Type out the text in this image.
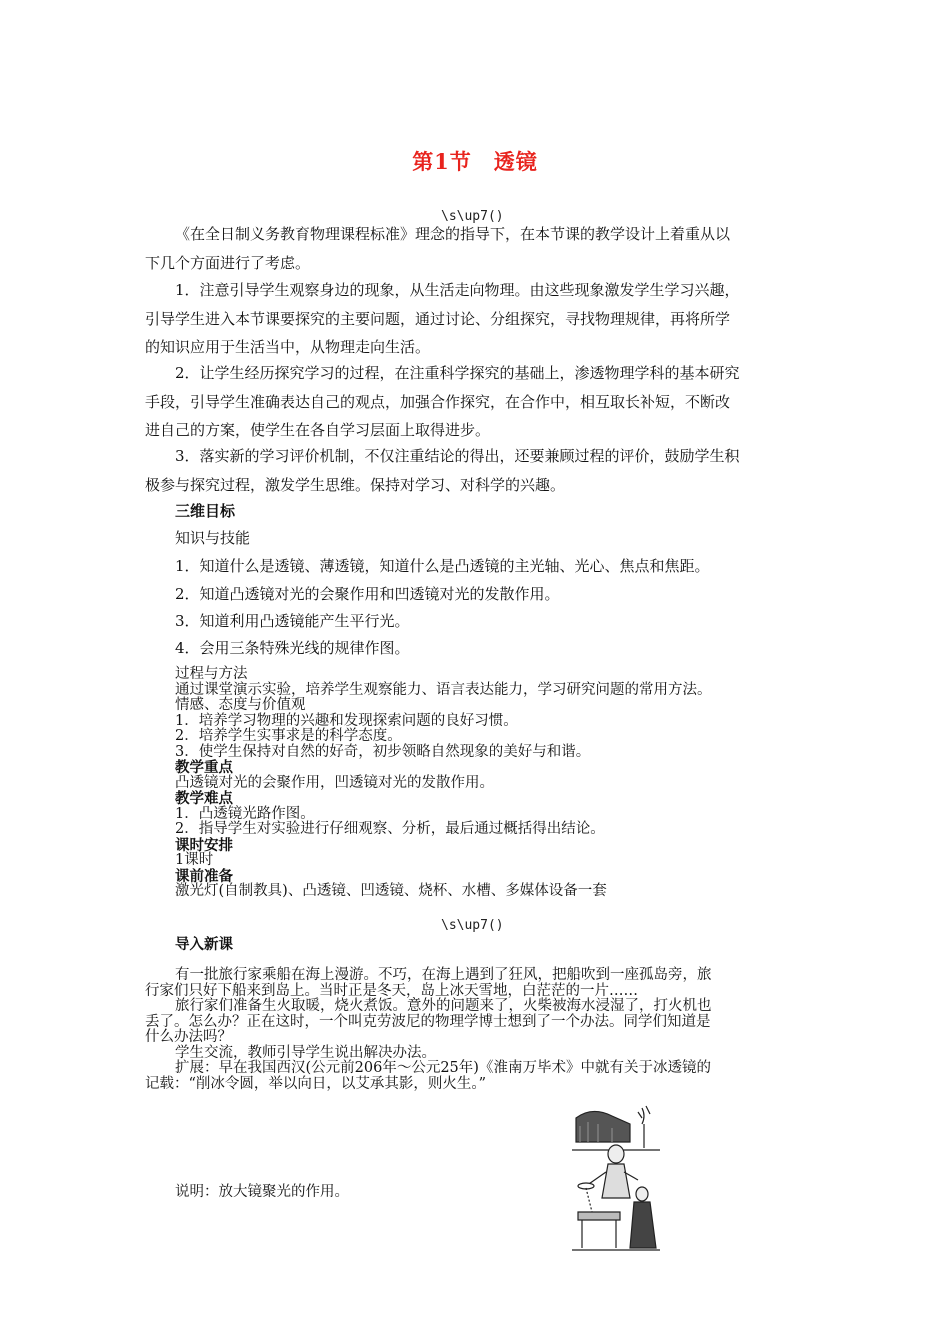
第1节　透镜
\s\up7()
《在全日制义务教育物理课程标准》理念的指导下，在本节课的教学设计上着重从以
下几个方面进行了考虑。
1．注意引导学生观察身边的现象，从生活走向物理。由这些现象激发学生学习兴趣，
引导学生进入本节课要探究的主要问题，通过讨论、分组探究，寻找物理规律，再将所学
的知识应用于生活当中，从物理走向生活。
2．让学生经历探究学习的过程，在注重科学探究的基础上，渗透物理学科的基本研究
手段，引导学生准确表达自己的观点，加强合作探究，在合作中，相互取长补短，不断改
进自己的方案，使学生在各自学习层面上取得进步。
3．落实新的学习评价机制，不仅注重结论的得出，还要兼顾过程的评价，鼓励学生积
极参与探究过程，激发学生思维。保持对学习、对科学的兴趣。
三维目标
知识与技能
1．知道什么是透镜、薄透镜，知道什么是凸透镜的主光轴、光心、焦点和焦距。
2．知道凸透镜对光的会聚作用和凹透镜对光的发散作用。
3．知道利用凸透镜能产生平行光。
4．会用三条特殊光线的规律作图。
过程与方法
通过课堂演示实验，培养学生观察能力、语言表达能力，学习研究问题的常用方法。
情感、态度与价值观
1．培养学习物理的兴趣和发现探索问题的良好习惯。
2．培养学生实事求是的科学态度。
3．使学生保持对自然的好奇，初步领略自然现象的美好与和谐。
教学重点
凸透镜对光的会聚作用，凹透镜对光的发散作用。
教学难点
1．凸透镜光路作图。
2．指导学生对实验进行仔细观察、分析，最后通过概括得出结论。
课时安排
1课时
课前准备
激光灯(自制教具)、凸透镜、凹透镜、烧杯、水槽、多媒体设备一套
\s\up7()
导入新课
有一批旅行家乘船在海上漫游。不巧，在海上遇到了狂风，把船吹到一座孤岛旁，旅
行家们只好下船来到岛上。当时正是冬天，岛上冰天雪地，白茫茫的一片……
旅行家们准备生火取暖，烧火煮饭。意外的问题来了，火柴被海水浸湿了，打火机也
丢了。怎么办？正在这时，一个叫克劳波尼的物理学博士想到了一个办法。同学们知道是
什么办法吗？
学生交流，教师引导学生说出解决办法。
扩展：早在我国西汉(公元前206年～公元25年)《淮南万毕术》中就有关于冰透镜的
记载：“削冰令圆，举以向日，以艾承其影，则火生。”
说明：放大镜聚光的作用。
